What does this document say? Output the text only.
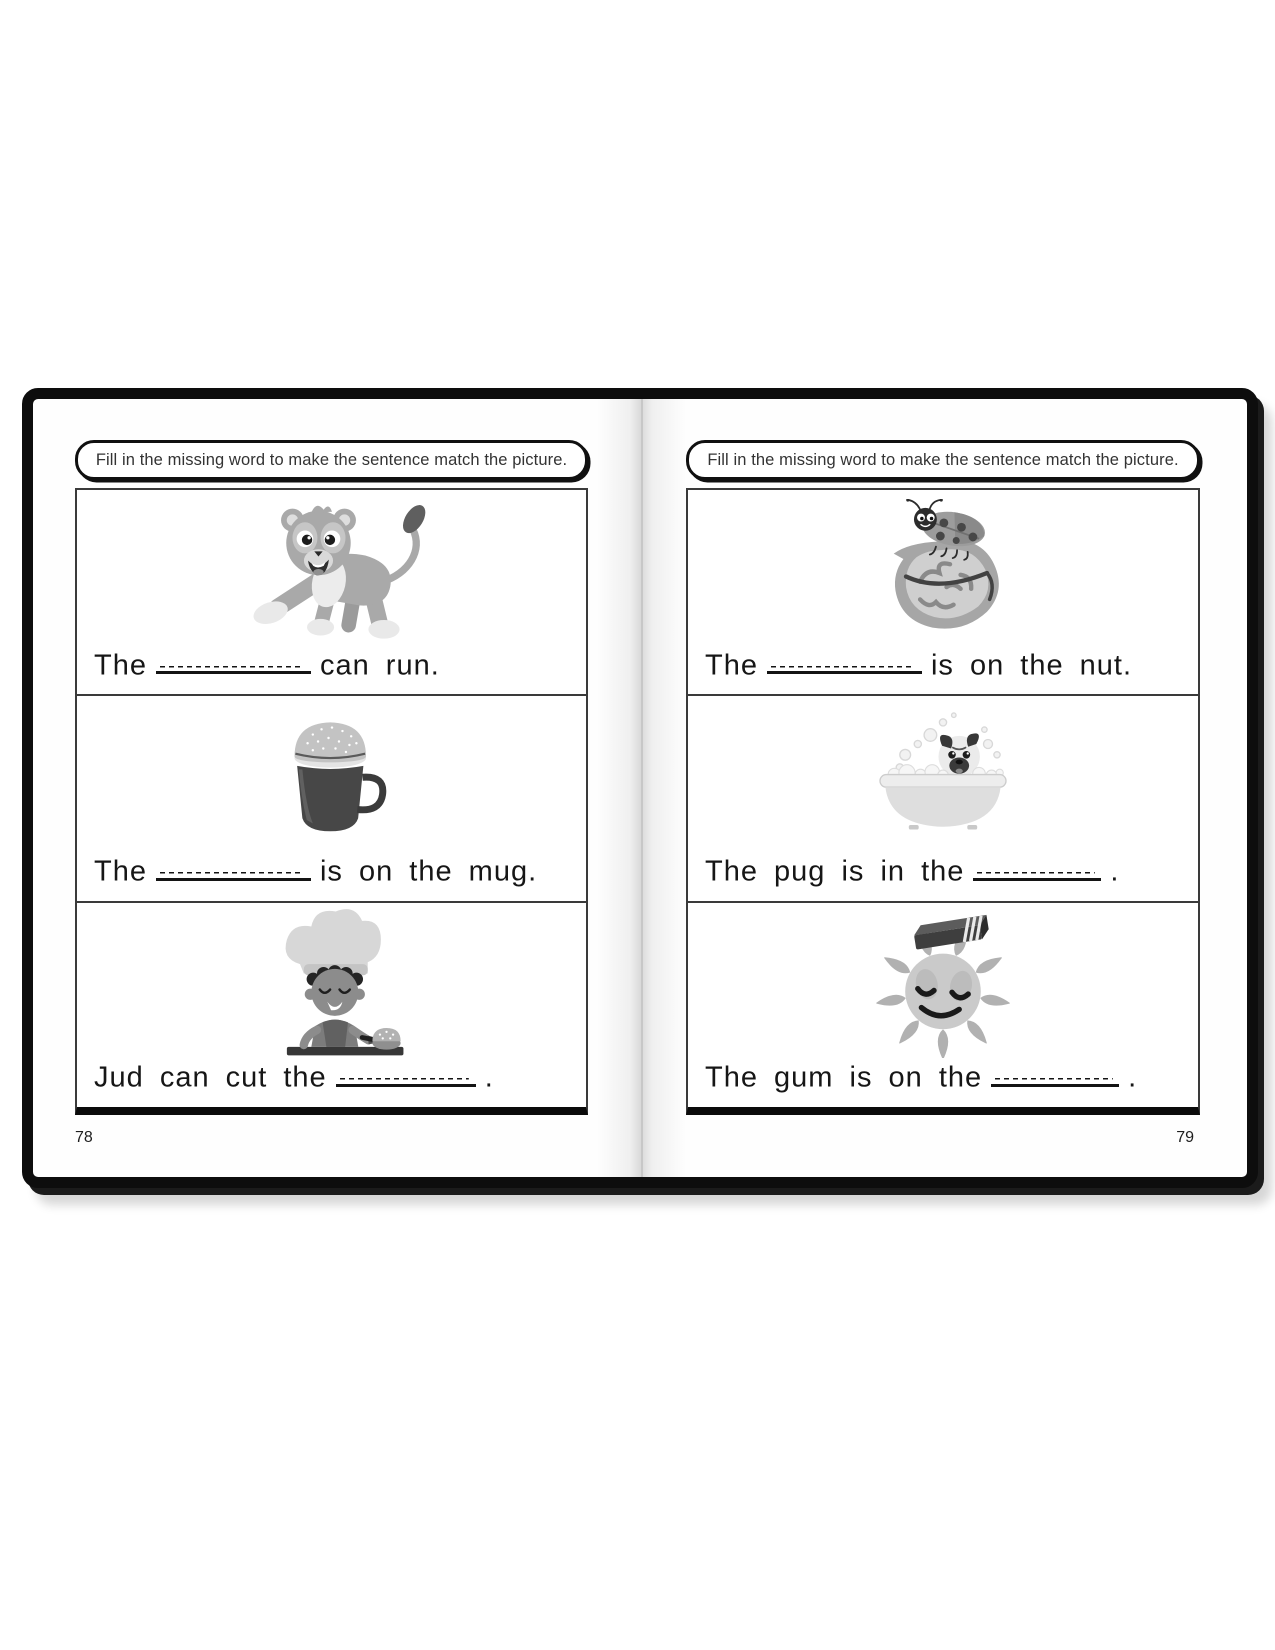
Fill in the missing word to make the sentence match the picture.
The	can run.
The	is on the mug.
Jud can cut the	.
78
Fill in the missing word to make the sentence match the picture.
The	is on the nut.
The pug is in the	.
The gum is on the	.
79
